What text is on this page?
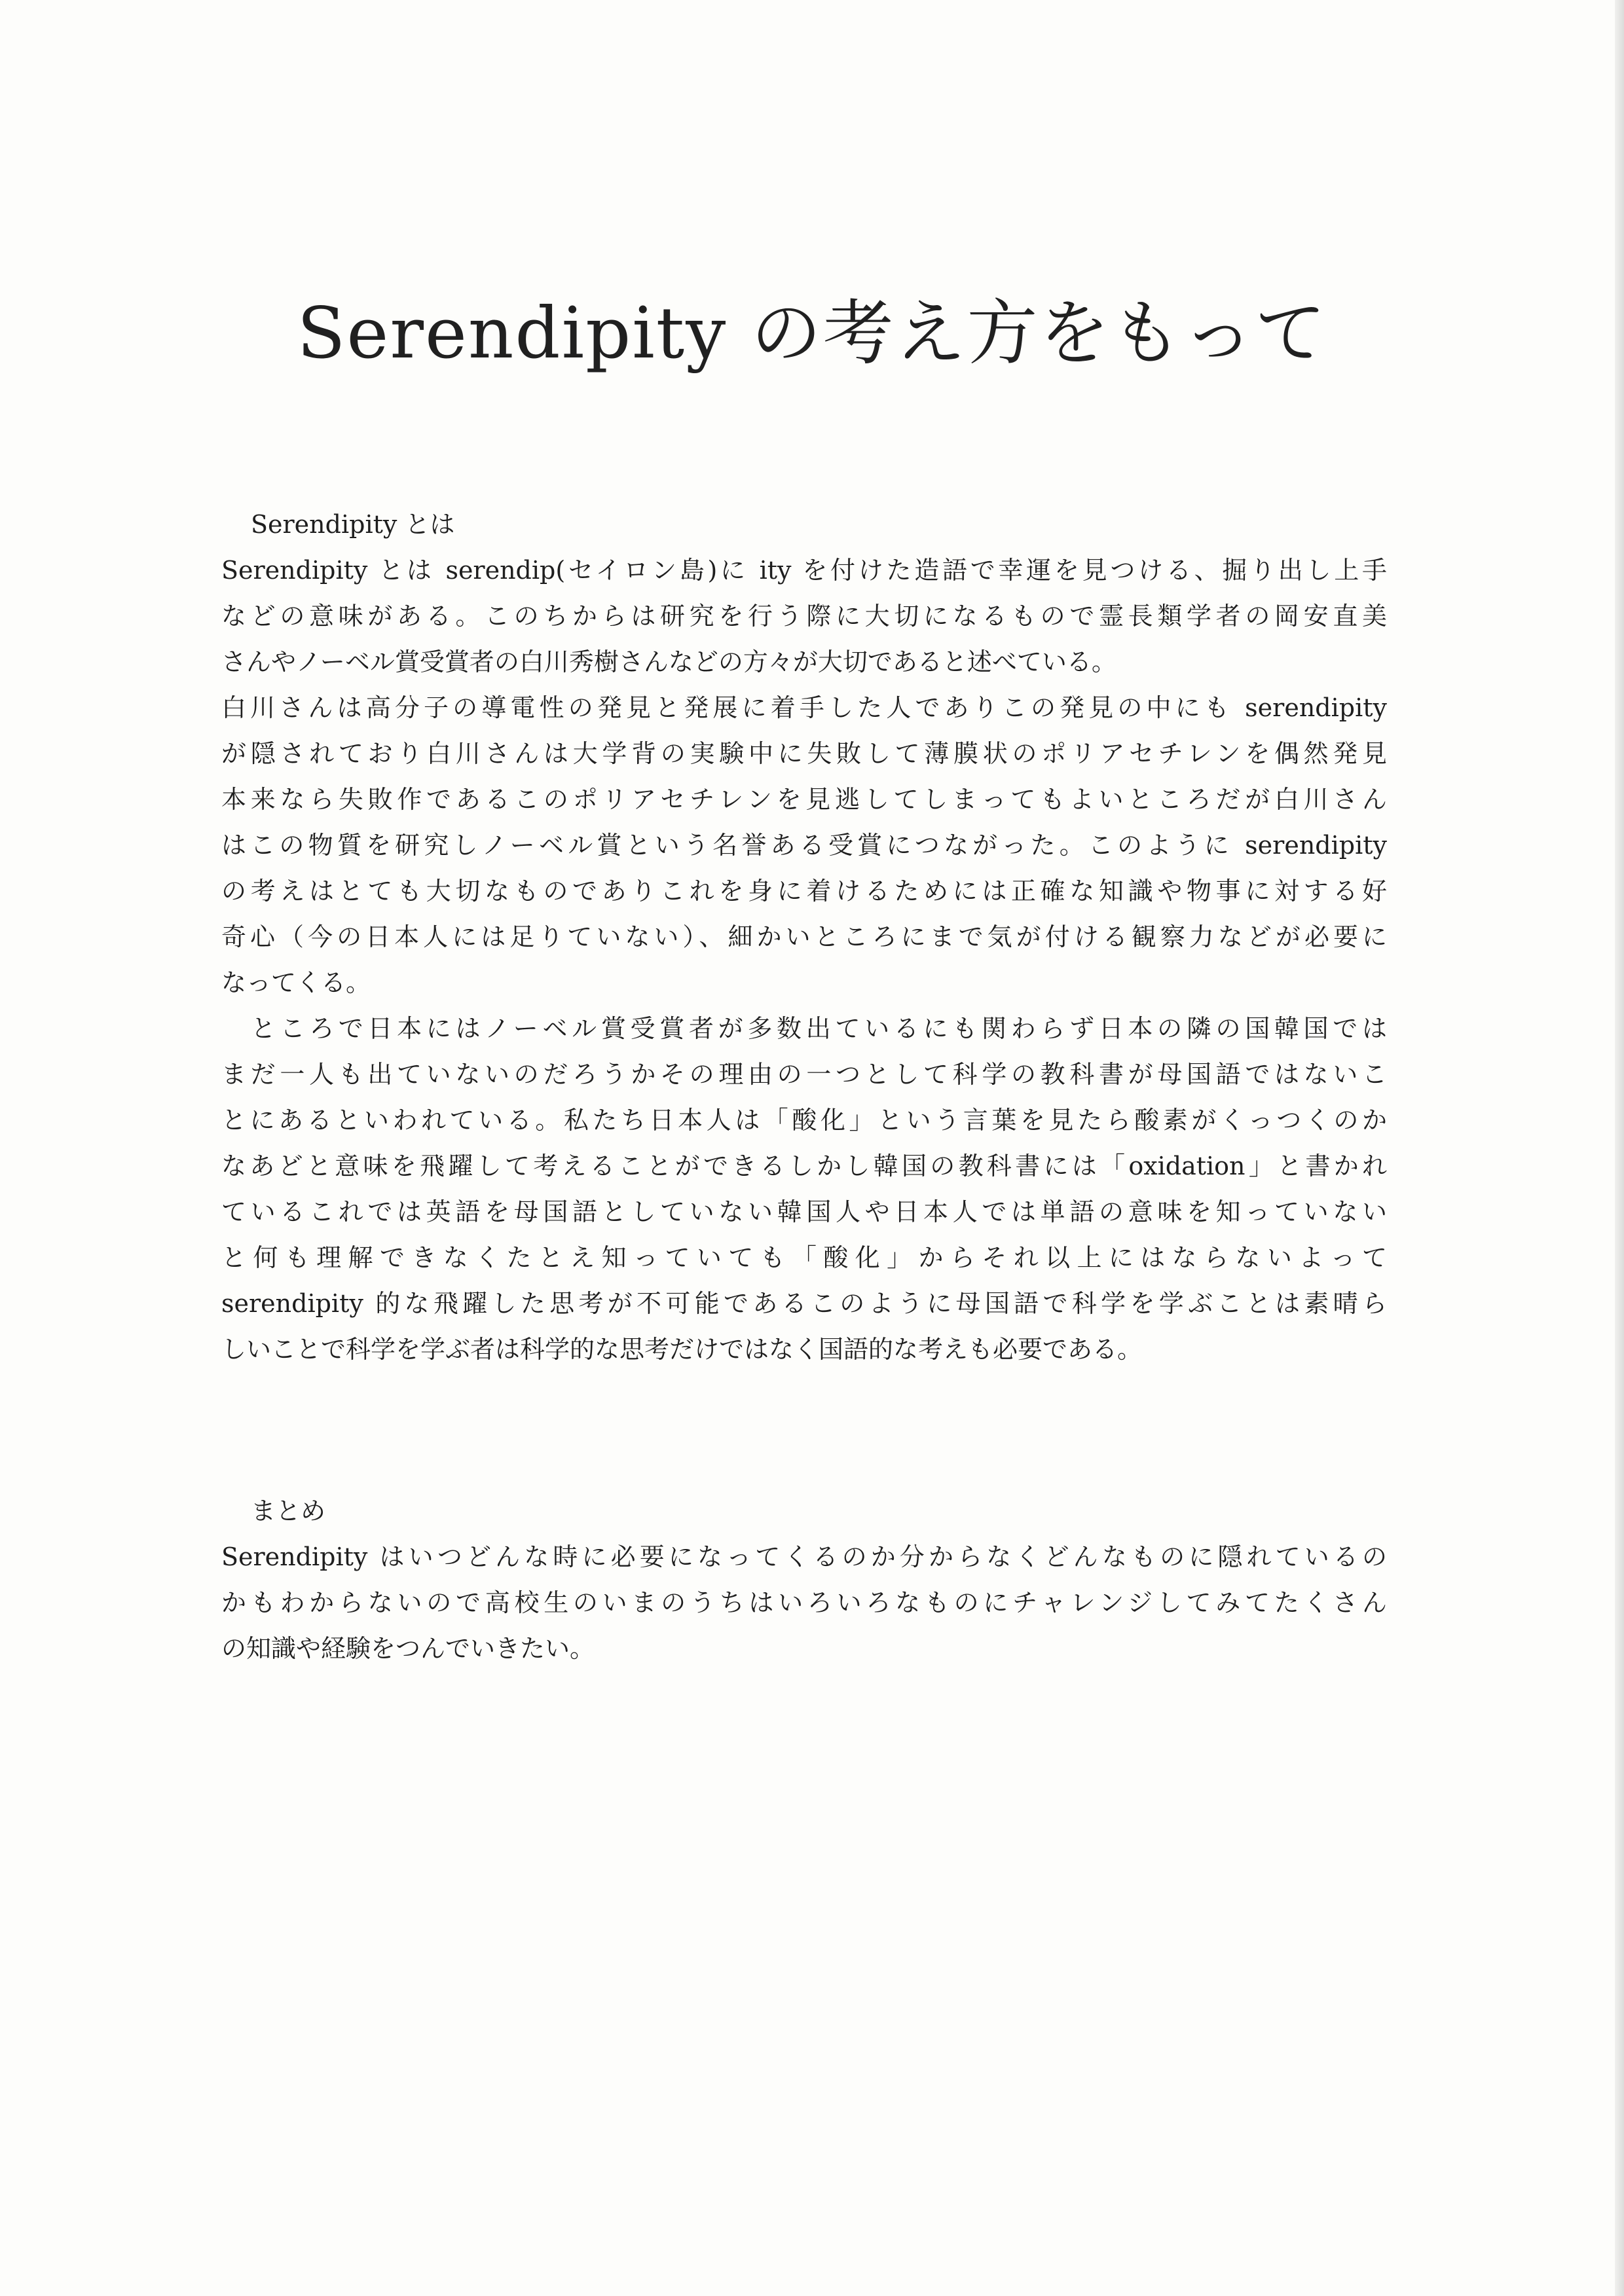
Serendipity の考え方をもって
Serendipity とは
Serendipity とは serendip(セイロン島)に ity を付けた造語で幸運を見つける、掘り出し上手
などの意味がある。このちからは研究を行う際に大切になるもので霊長類学者の岡安直美
さんやノーベル賞受賞者の白川秀樹さんなどの方々が大切であると述べている。
白川さんは高分子の導電性の発見と発展に着手した人でありこの発見の中にも serendipity
が隠されており白川さんは大学背の実験中に失敗して薄膜状のポリアセチレンを偶然発見
本来なら失敗作であるこのポリアセチレンを見逃してしまってもよいところだが白川さん
はこの物質を研究しノーベル賞という名誉ある受賞につながった。このように serendipity
の考えはとても大切なものでありこれを身に着けるためには正確な知識や物事に対する好
奇心（今の日本人には足りていない）、細かいところにまで気が付ける観察力などが必要に
なってくる。
ところで日本にはノーベル賞受賞者が多数出ているにも関わらず日本の隣の国韓国では
まだ一人も出ていないのだろうかその理由の一つとして科学の教科書が母国語ではないこ
とにあるといわれている。私たち日本人は「酸化」という言葉を見たら酸素がくっつくのか
なあどと意味を飛躍して考えることができるしかし韓国の教科書には「oxidation」と書かれ
ているこれでは英語を母国語としていない韓国人や日本人では単語の意味を知っていない
と何も理解できなくたとえ知っていても「酸化」からそれ以上にはならないよって
serendipity 的な飛躍した思考が不可能であるこのように母国語で科学を学ぶことは素晴ら
しいことで科学を学ぶ者は科学的な思考だけではなく国語的な考えも必要である。
まとめ
Serendipity はいつどんな時に必要になってくるのか分からなくどんなものに隠れているの
かもわからないので高校生のいまのうちはいろいろなものにチャレンジしてみてたくさん
の知識や経験をつんでいきたい。
